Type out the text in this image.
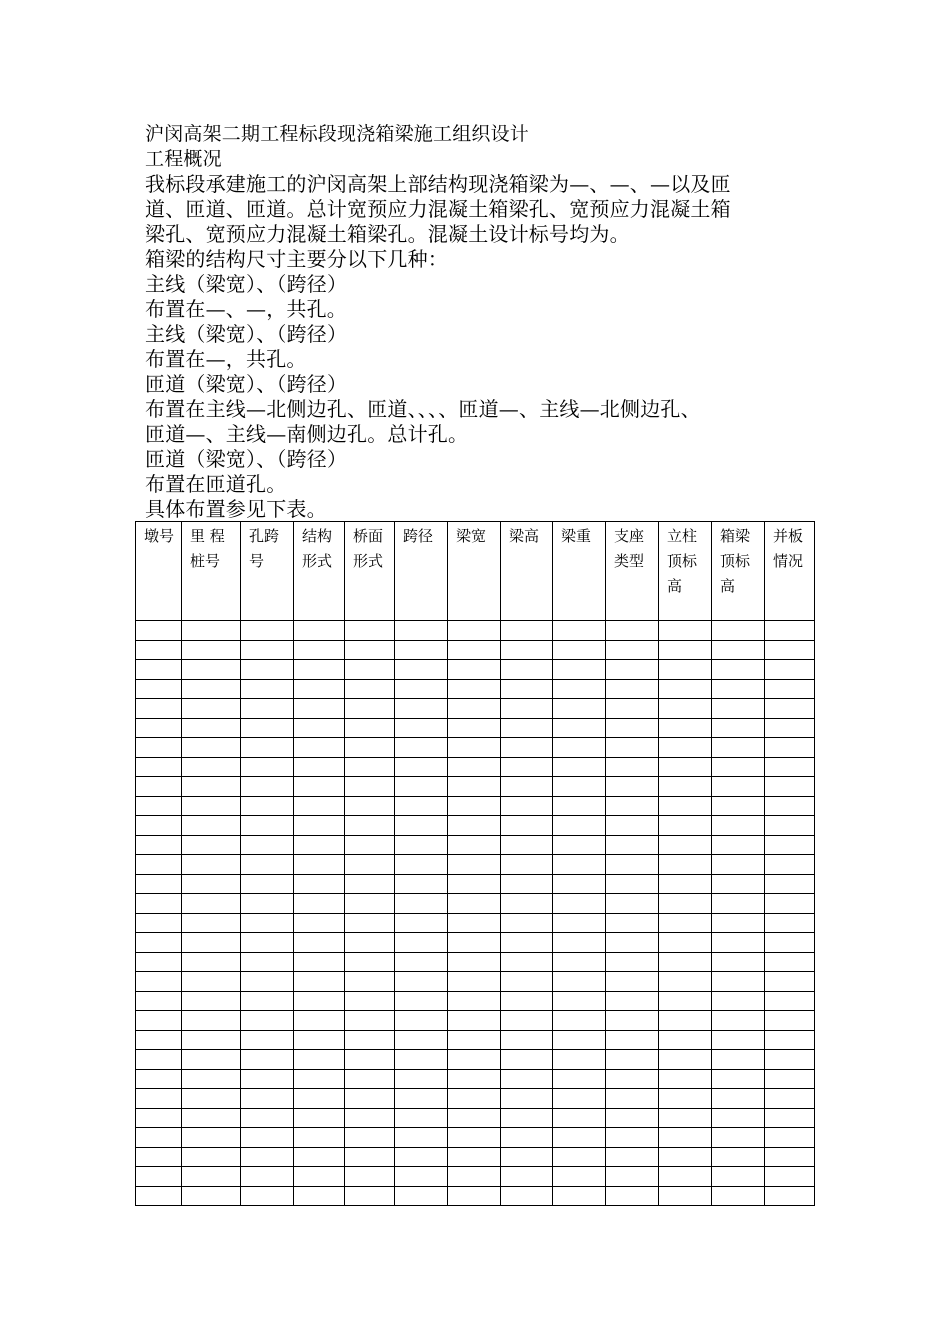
沪闵高架二期工程标段现浇箱梁施工组织设计
工程概况
我标段承建施工的沪闵高架上部结构现浇箱梁为—、—、—以及匝
道、匝道、匝道。总计宽预应力混凝土箱梁孔、宽预应力混凝土箱
梁孔、宽预应力混凝土箱梁孔。混凝土设计标号均为。
箱梁的结构尺寸主要分以下几种：
主线（梁宽）、（跨径）
布置在—、—，共孔。
主线（梁宽）、（跨径）
布置在—，共孔。
匝道（梁宽）、（跨径）
布置在主线—北侧边孔、匝道、、、、匝道—、主线—北侧边孔、
匝道—、主线—南侧边孔。总计孔。
匝道（梁宽）、（跨径）
布置在匝道孔。
具体布置参见下表。
墩号	里 程 桩号	孔跨号	结构形式	桥面形式	跨径	梁宽	梁高	梁重	支座类型	立柱顶标高	箱梁顶标高	并板情况
